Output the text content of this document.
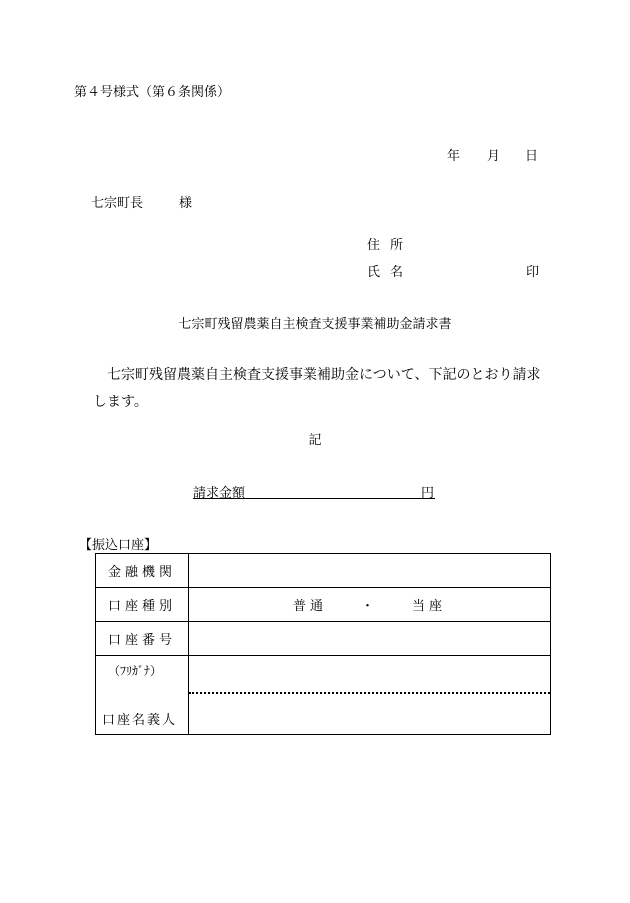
第４号様式（第６条関係）
年 月 日
七宗町長	様
住所
氏名	印
七宗町残留農薬自主検査支援事業補助金請求書
七宗町残留農薬自主検査支援事業補助金について、下記のとおり請求します。
記
請求金額	円
【振込口座】
金融機関	
口座種別	普通 ・ 当座
口座番号	

（ﾌﾘｶﾞﾅ）
口座名義人	
